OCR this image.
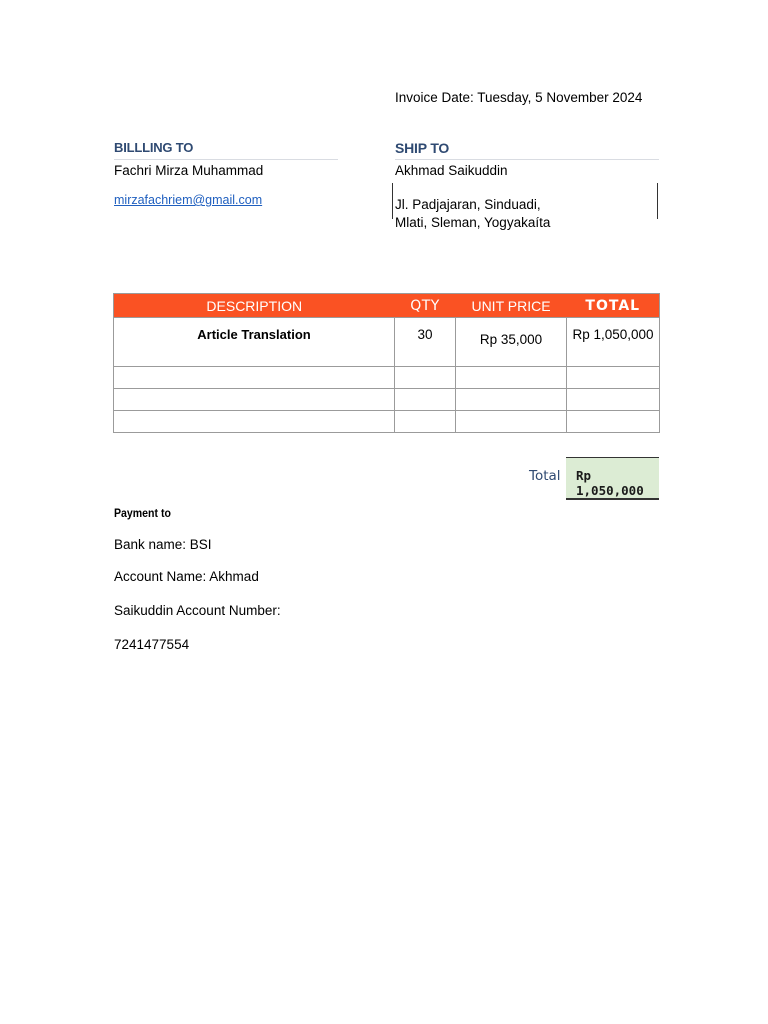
Invoice Date: Tuesday, 5 November 2024
BILLLING TO
Fachri Mirza Muhammad
mirzafachriem@gmail.com
SHIP TO
Akhmad Saikuddin
Jl. Padjajaran, Sinduadi,
Mlati, Sleman, Yogyakaíta
DESCRIPTION	QTY	UNIT PRICE	TOTAL
Article Translation	30	Rp 35,000	Rp 1,050,000

Total Rp
1,050,000
Payment to
Bank name: BSI
Account Name: Akhmad
Saikuddin Account Number:
7241477554
